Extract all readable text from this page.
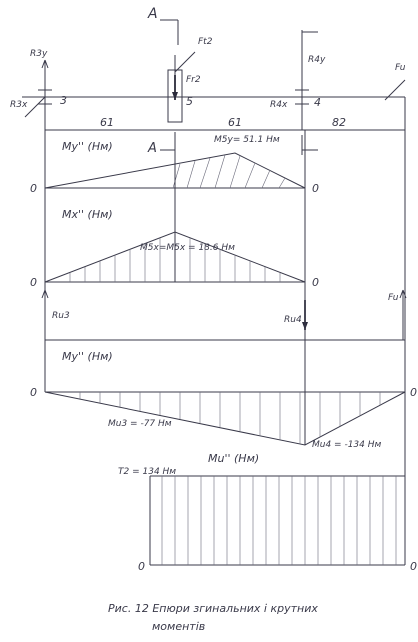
A
R3y
R3x	3
Ft2
Fr2
5
R4y
R4x 4
Fu
61	61	82
A
My'' (Нм)	M5y= 51.1 Нм
0	0
Mx'' (Нм)
M5x=M5x = 18.6 Нм
0	0
Ru3	Ru4
Fu
My'' (Нм)
Mu3 = -77 Нм
Mu4 = -134 Нм
0	0
Mu'' (Нм)
T2 = 134 Нм
0	0
Рис. 12 Епюри згинальних і крутних
моментів
